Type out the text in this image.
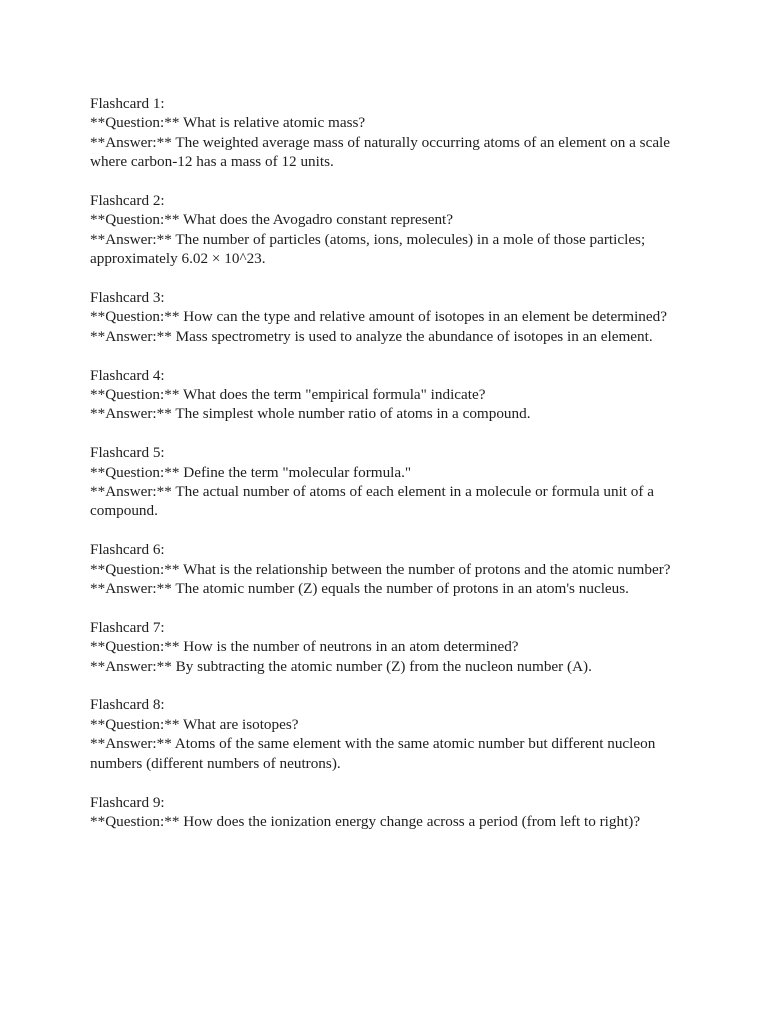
Flashcard 1:
**Question:** What is relative atomic mass?
**Answer:** The weighted average mass of naturally occurring atoms of an element on a scale where carbon-12 has a mass of 12 units.
Flashcard 2:
**Question:** What does the Avogadro constant represent?
**Answer:** The number of particles (atoms, ions, molecules) in a mole of those particles; approximately 6.02 × 10^23.
Flashcard 3:
**Question:** How can the type and relative amount of isotopes in an element be determined?
**Answer:** Mass spectrometry is used to analyze the abundance of isotopes in an element.
Flashcard 4:
**Question:** What does the term "empirical formula" indicate?
**Answer:** The simplest whole number ratio of atoms in a compound.
Flashcard 5:
**Question:** Define the term "molecular formula."
**Answer:** The actual number of atoms of each element in a molecule or formula unit of a compound.
Flashcard 6:
**Question:** What is the relationship between the number of protons and the atomic number?
**Answer:** The atomic number (Z) equals the number of protons in an atom's nucleus.
Flashcard 7:
**Question:** How is the number of neutrons in an atom determined?
**Answer:** By subtracting the atomic number (Z) from the nucleon number (A).
Flashcard 8:
**Question:** What are isotopes?
**Answer:** Atoms of the same element with the same atomic number but different nucleon numbers (different numbers of neutrons).
Flashcard 9:
**Question:** How does the ionization energy change across a period (from left to right)?
